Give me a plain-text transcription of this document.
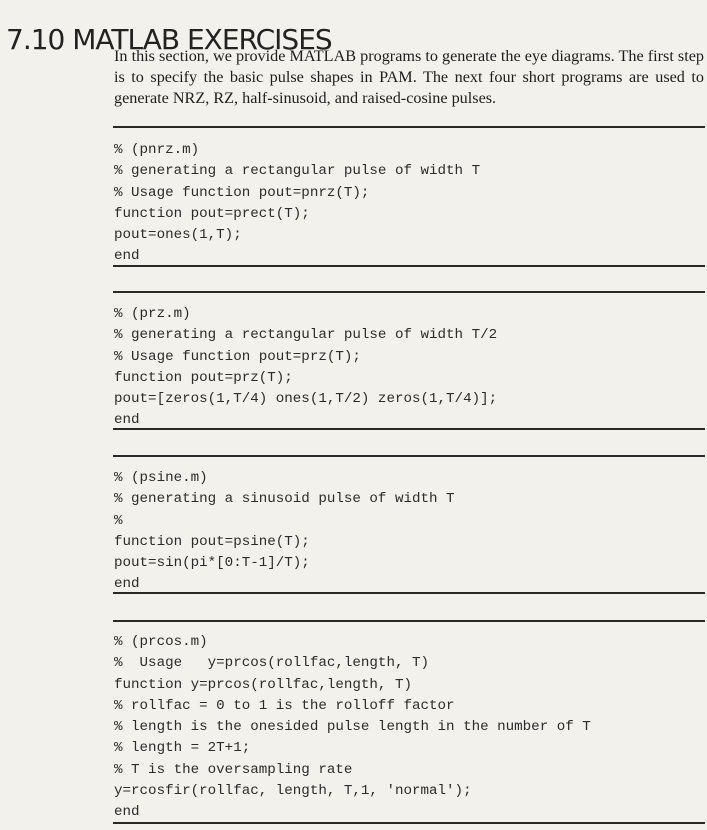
7.10 MATLAB EXERCISES

In this section, we provide MATLAB programs to generate the eye diagrams. The first step is to specify the basic pulse shapes in PAM. The next four short programs are used to generate NRZ, RZ, half-sinusoid, and raised-cosine pulses.

% (pnrz.m)
% generating a rectangular pulse of width T
% Usage function pout=pnrz(T);
function pout=prect(T);
pout=ones(1,T);
end
% (prz.m)
% generating a rectangular pulse of width T/2
% Usage function pout=prz(T);
function pout=prz(T);
pout=[zeros(1,T/4) ones(1,T/2) zeros(1,T/4)];
end
% (psine.m)
% generating a sinusoid pulse of width T
%
function pout=psine(T);
pout=sin(pi*[0:T-1]/T);
end
% (prcos.m)
%  Usage   y=prcos(rollfac,length, T)
function y=prcos(rollfac,length, T)
% rollfac = 0 to 1 is the rolloff factor
% length is the onesided pulse length in the number of T
% length = 2T+1;
% T is the oversampling rate
y=rcosfir(rollfac, length, T,1, 'normal');
end
